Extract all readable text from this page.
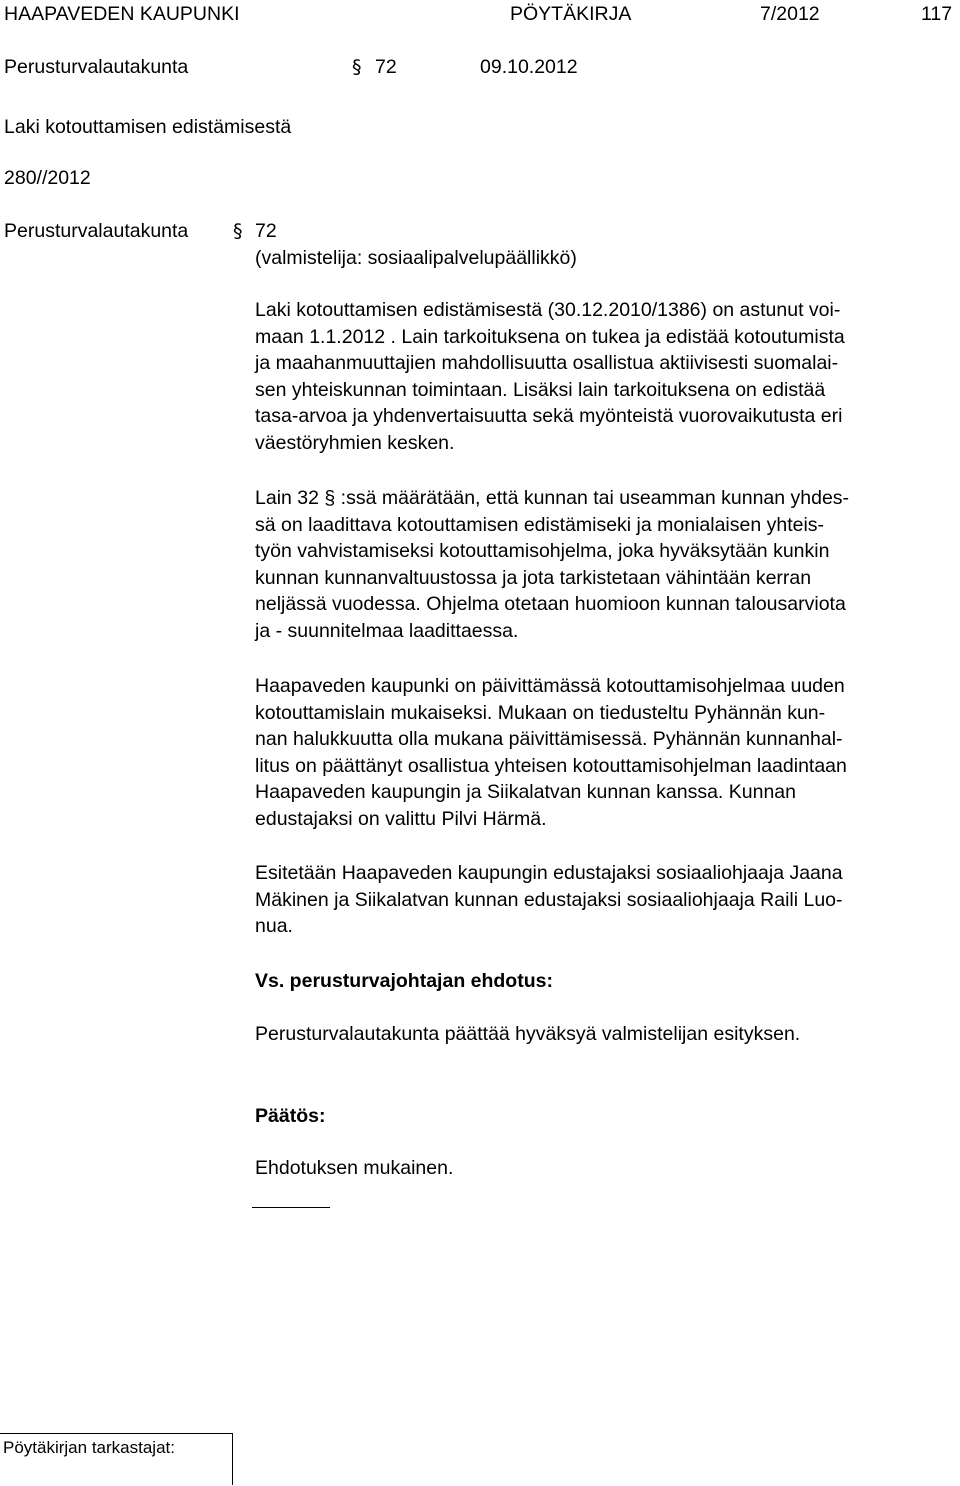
HAAPAVEDEN KAUPUNKI	PÖYTÄKIRJA	7/2012	117
Perusturvalautakunta	§ 72	09.10.2012
Laki kotouttamisen edistämisestä
280//2012
Perusturvalautakunta § 72
(valmistelija: sosiaalipalvelupäällikkö)
Laki kotouttamisen edistämisestä (30.12.2010/1386) on astunut voi-
maan 1.1.2012 . Lain tarkoituksena on tukea ja edistää kotoutumista
ja maahanmuuttajien mahdollisuutta osallistua aktiivisesti suomalai-
sen yhteiskunnan toimintaan. Lisäksi lain tarkoituksena on edistää
tasa-arvoa ja yhdenvertaisuutta sekä myönteistä vuorovaikutusta eri
väestöryhmien kesken.
Lain 32 § :ssä määrätään, että kunnan tai useamman kunnan yhdes-
sä on laadittava kotouttamisen edistämiseki ja monialaisen yhteis-
työn vahvistamiseksi kotouttamisohjelma, joka hyväksytään kunkin
kunnan kunnanvaltuustossa ja jota tarkistetaan vähintään kerran
neljässä vuodessa. Ohjelma otetaan huomioon kunnan talousarviota
ja - suunnitelmaa laadittaessa.
Haapaveden kaupunki on päivittämässä kotouttamisohjelmaa uuden
kotouttamislain mukaiseksi. Mukaan on tiedusteltu Pyhännän kun-
nan halukkuutta olla mukana päivittämisessä. Pyhännän kunnanhal-
litus on päättänyt osallistua yhteisen kotouttamisohjelman laadintaan
Haapaveden kaupungin ja Siikalatvan kunnan kanssa. Kunnan
edustajaksi on valittu Pilvi Härmä.
Esitetään Haapaveden kaupungin edustajaksi sosiaaliohjaaja Jaana
Mäkinen ja Siikalatvan kunnan edustajaksi sosiaaliohjaaja Raili Luo-
nua.
Vs. perusturvajohtajan ehdotus:
Perusturvalautakunta päättää hyväksyä valmistelijan esityksen.
Päätös:
Ehdotuksen mukainen.
Pöytäkirjan tarkastajat:
